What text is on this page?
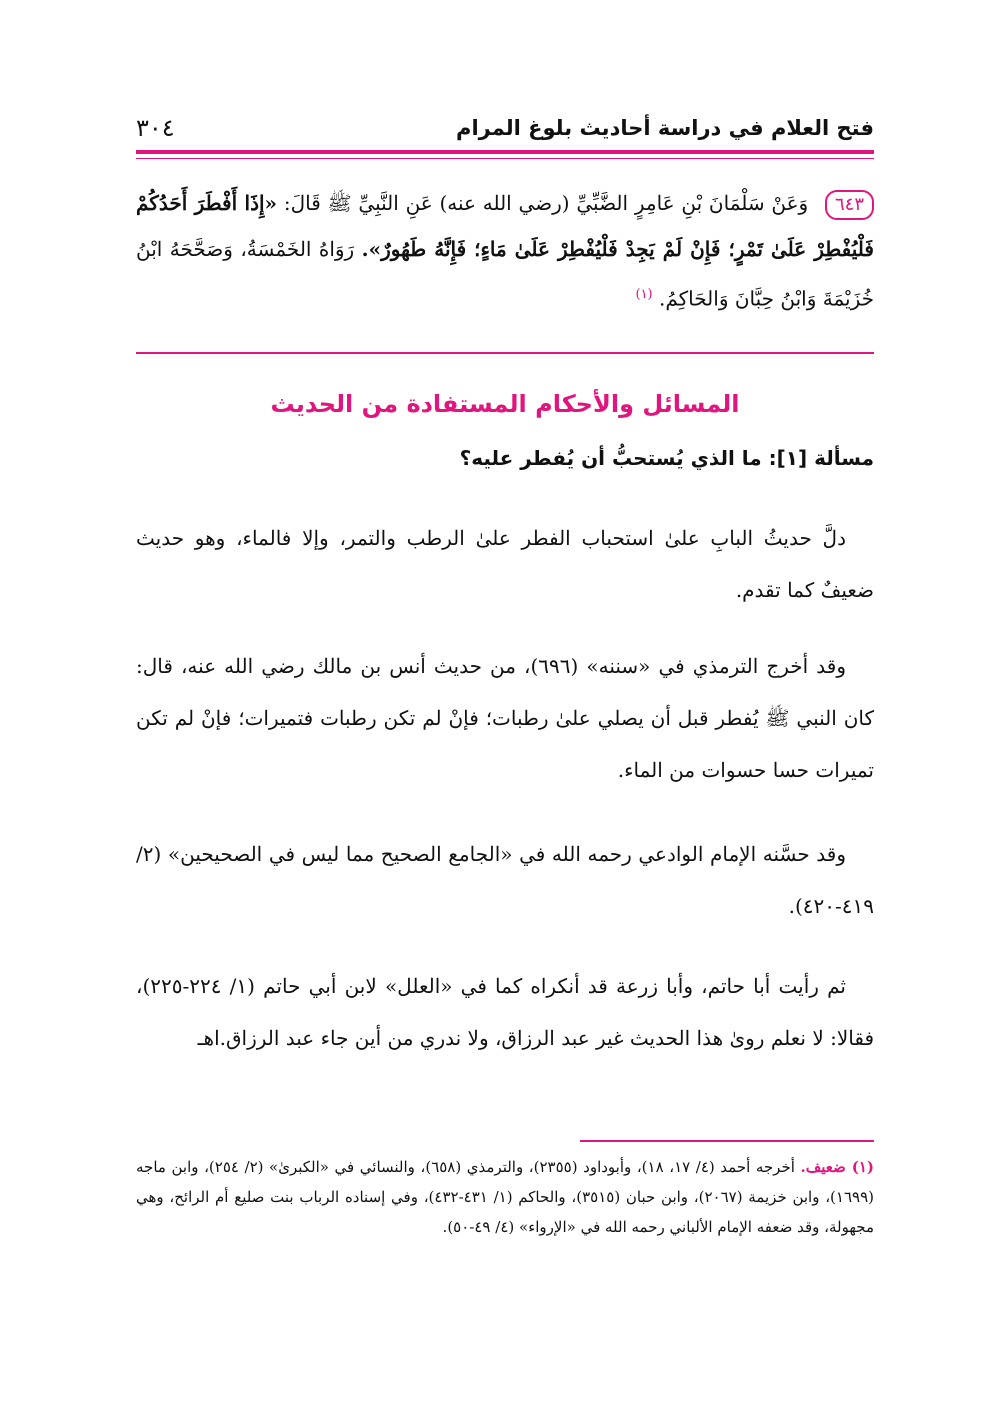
فتح العلام في دراسة أحاديث بلوغ المرام
٣٠٤
٦٤٣ وَعَنْ سَلْمَانَ بْنِ عَامِرٍ الضَّبِّيِّ (رضي الله عنه) عَنِ النَّبِيِّ ﷺ قَالَ: «إِذَا أَفْطَرَ أَحَدُكُمْ فَلْيُفْطِرْ عَلَىٰ تَمْرٍ؛ فَإِنْ لَمْ يَجِدْ فَلْيُفْطِرْ عَلَىٰ مَاءٍ؛ فَإِنَّهُ طَهُورٌ». رَوَاهُ الخَمْسَةُ، وَصَحَّحَهُ ابْنُ خُزَيْمَةَ وَابْنُ حِبَّانَ وَالحَاكِمُ. $^{(١)}$
المسائل والأحكام المستفادة من الحديث
مسألة [١]: ما الذي يُستحبُّ أن يُفطر عليه؟
دلَّ حديثُ البابِ علىٰ استحباب الفطر علىٰ الرطب والتمر، وإلا فالماء، وهو حديث ضعيفٌ كما تقدم.
وقد أخرج الترمذي في «سننه» (٦٩٦)، من حديث أنس بن مالك رضي الله عنه، قال: كان النبي ﷺ يُفطر قبل أن يصلي علىٰ رطبات؛ فإنْ لم تكن رطبات فتميرات؛ فإنْ لم تكن تميرات حسا حسوات من الماء.
وقد حسَّنه الإمام الوادعي رحمه الله في «الجامع الصحيح مما ليس في الصحيحين» (٢/ ٤١٩-٤٢٠).
ثم رأيت أبا حاتم، وأبا زرعة قد أنكراه كما في «العلل» لابن أبي حاتم (١/ ٢٢٤-٢٢٥)، فقالا: لا نعلم روىٰ هذا الحديث غير عبد الرزاق، ولا ندري من أين جاء عبد الرزاق.اهـ
(١) ضعيف. أخرجه أحمد (٤/ ١٧، ١٨)، وأبوداود (٢٣٥٥)، والترمذي (٦٥٨)، والنسائي في «الكبرىٰ» (٢/ ٢٥٤)، وابن ماجه (١٦٩٩)، وابن خزيمة (٢٠٦٧)، وابن حبان (٣٥١٥)، والحاكم (١/ ٤٣١-٤٣٢)، وفي إسناده الرباب بنت صليع أم الرائح، وهي مجهولة، وقد ضعفه الإمام الألباني رحمه الله في «الإرواء» (٤/ ٤٩-٥٠).
